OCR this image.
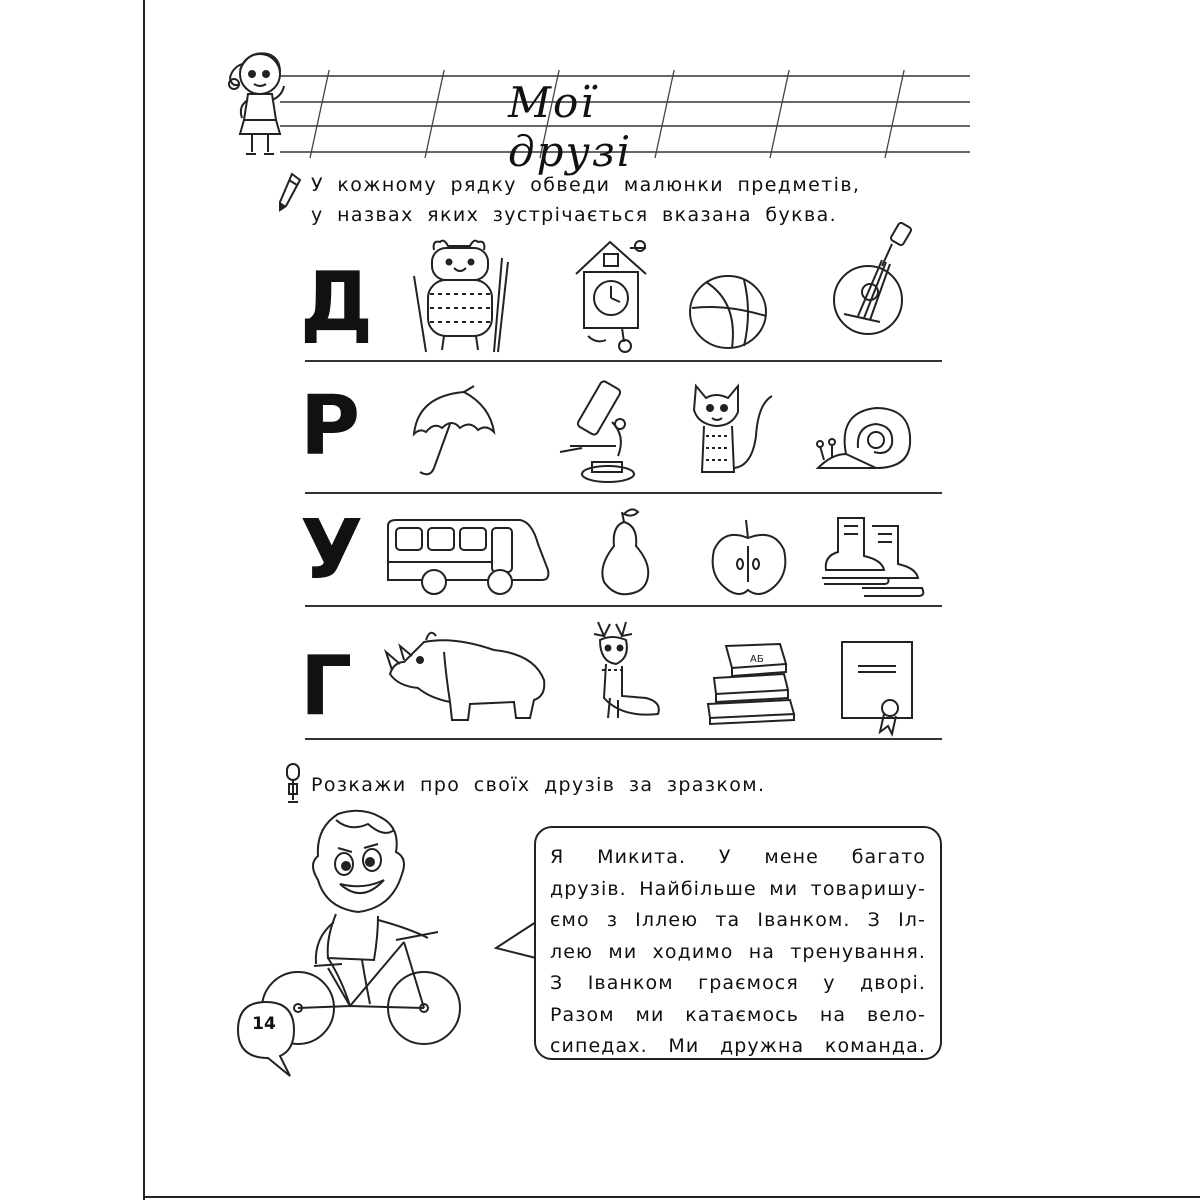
Мої друзі
У кожному рядку обведи малюнки предметів,
у назвах яких зустрічається вказана буква.
Д
Р
У
Г	АБ
Розкажи про своїх друзів за зразком.
Я Микита. У мене багато
друзів. Найбільше ми товаришу-
ємо з Іллею та Іванком. З Іл-
лею ми ходимо на тренування.
З Іванком граємося у дворі.
Разом ми катаємось на вело-
сипедах. Ми дружна команда.
14
